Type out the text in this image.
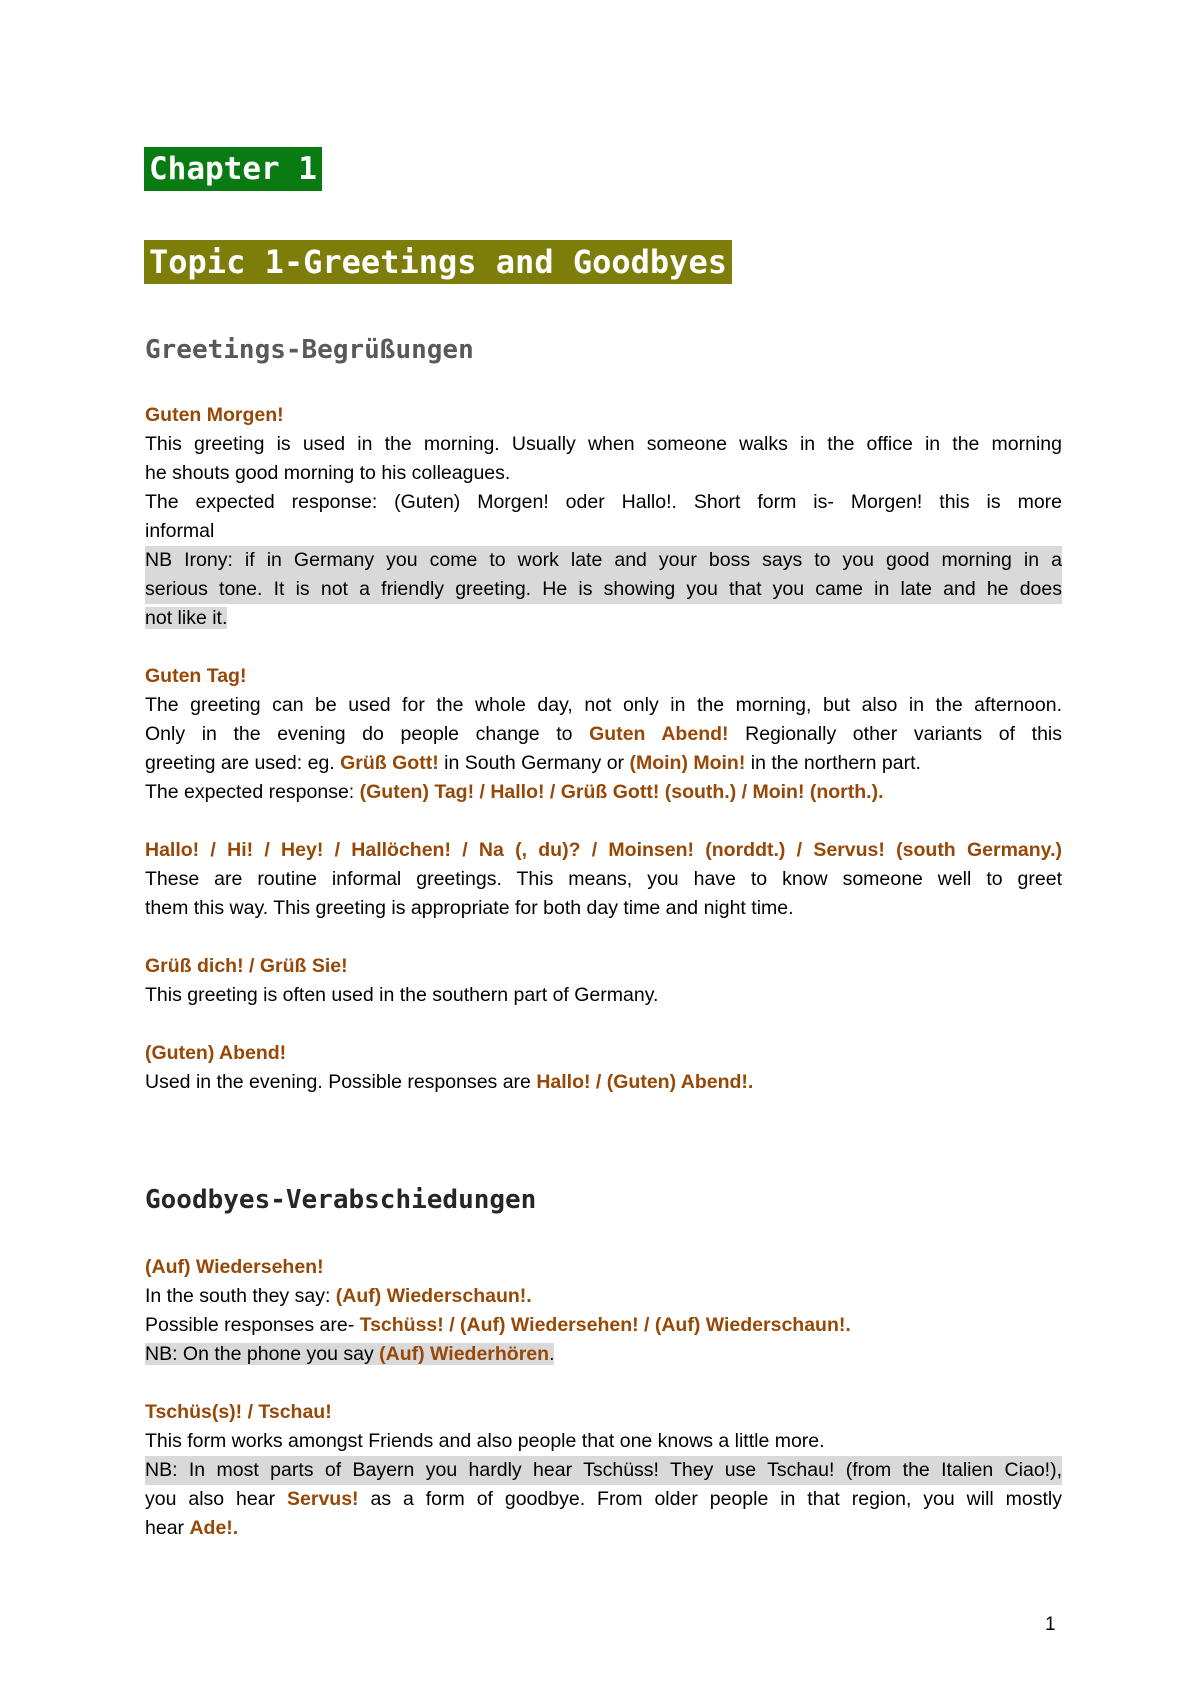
Chapter 1
Topic 1-Greetings and Goodbyes
Greetings-Begrüßungen
Guten Morgen!
This greeting is used in the morning. Usually when someone walks in the office in the morning
he shouts good morning to his colleagues.
The expected response: (Guten) Morgen! oder Hallo!. Short form is- Morgen! this is more
informal
NB Irony: if in Germany you come to work late and your boss says to you good morning in a
serious tone. It is not a friendly greeting. He is showing you that you came in late and he does
not like it.
Guten Tag!
The greeting can be used for the whole day, not only in the morning, but also in the afternoon.
Only in the evening do people change to Guten Abend! Regionally other variants of this
greeting are used: eg. Grüß Gott! in South Germany or (Moin) Moin! in the northern part.
The expected response: (Guten) Tag! / Hallo! / Grüß Gott! (south.) / Moin! (north.).
Hallo! / Hi! / Hey! / Hallöchen! / Na (, du)? / Moinsen! (norddt.) / Servus! (south Germany.)
These are routine informal greetings. This means, you have to know someone well to greet
them this way. This greeting is appropriate for both day time and night time.
Grüß dich! / Grüß Sie!
This greeting is often used in the southern part of Germany.
(Guten) Abend!
Used in the evening. Possible responses are Hallo! / (Guten) Abend!.
Goodbyes-Verabschiedungen
(Auf) Wiedersehen!
In the south they say: (Auf) Wiederschaun!.
Possible responses are- Tschüss! / (Auf) Wiedersehen! / (Auf) Wiederschaun!.
NB: On the phone you say (Auf) Wiederhören.
Tschüs(s)! / Tschau!
This form works amongst Friends and also people that one knows a little more.
NB: In most parts of Bayern you hardly hear Tschüss! They use Tschau! (from the Italien Ciao!),
you also hear Servus! as a form of goodbye. From older people in that region, you will mostly
hear Ade!.
1
